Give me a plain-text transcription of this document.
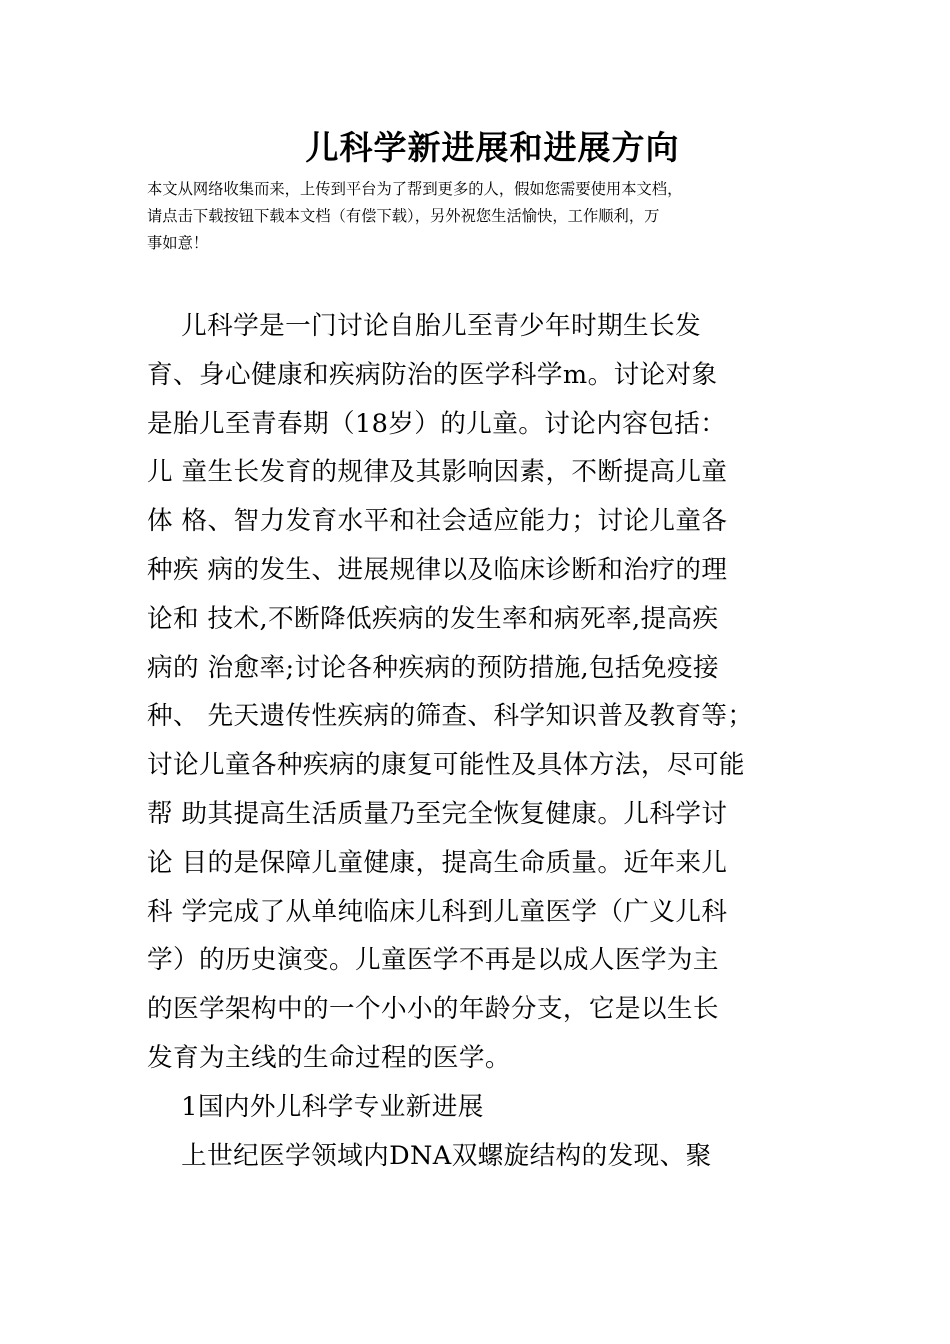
儿科学新进展和进展方向
本文从网络收集而来，上传到平台为了帮到更多的人，假如您需要使用本文档，
请点击下载按钮下载本文档（有偿下载），另外祝您生活愉快，工作顺利，万
事如意！
儿科学是一门讨论自胎儿至青少年时期生长发
育、身心健康和疾病防治的医学科学m。讨论对象
是胎儿至青春期（18岁）的儿童。讨论内容包括：
儿 童生长发育的规律及其影响因素，不断提高儿童
体 格、智力发育水平和社会适应能力；讨论儿童各
种疾 病的发生、进展规律以及临床诊断和治疗的理
论和 技术,不断降低疾病的发生率和病死率,提高疾
病的 治愈率;讨论各种疾病的预防措施,包括免疫接
种、 先天遗传性疾病的筛查、科学知识普及教育等；
讨论儿童各种疾病的康复可能性及具体方法，尽可能
帮 助其提高生活质量乃至完全恢复健康。儿科学讨
论 目的是保障儿童健康，提高生命质量。近年来儿
科 学完成了从单纯临床儿科到儿童医学（广义儿科
学）的历史演变。儿童医学不再是以成人医学为主
的医学架构中的一个小小的年龄分支，它是以生长
发育为主线的生命过程的医学。
1国内外儿科学专业新进展
上世纪医学领域内DNA双螺旋结构的发现、聚
